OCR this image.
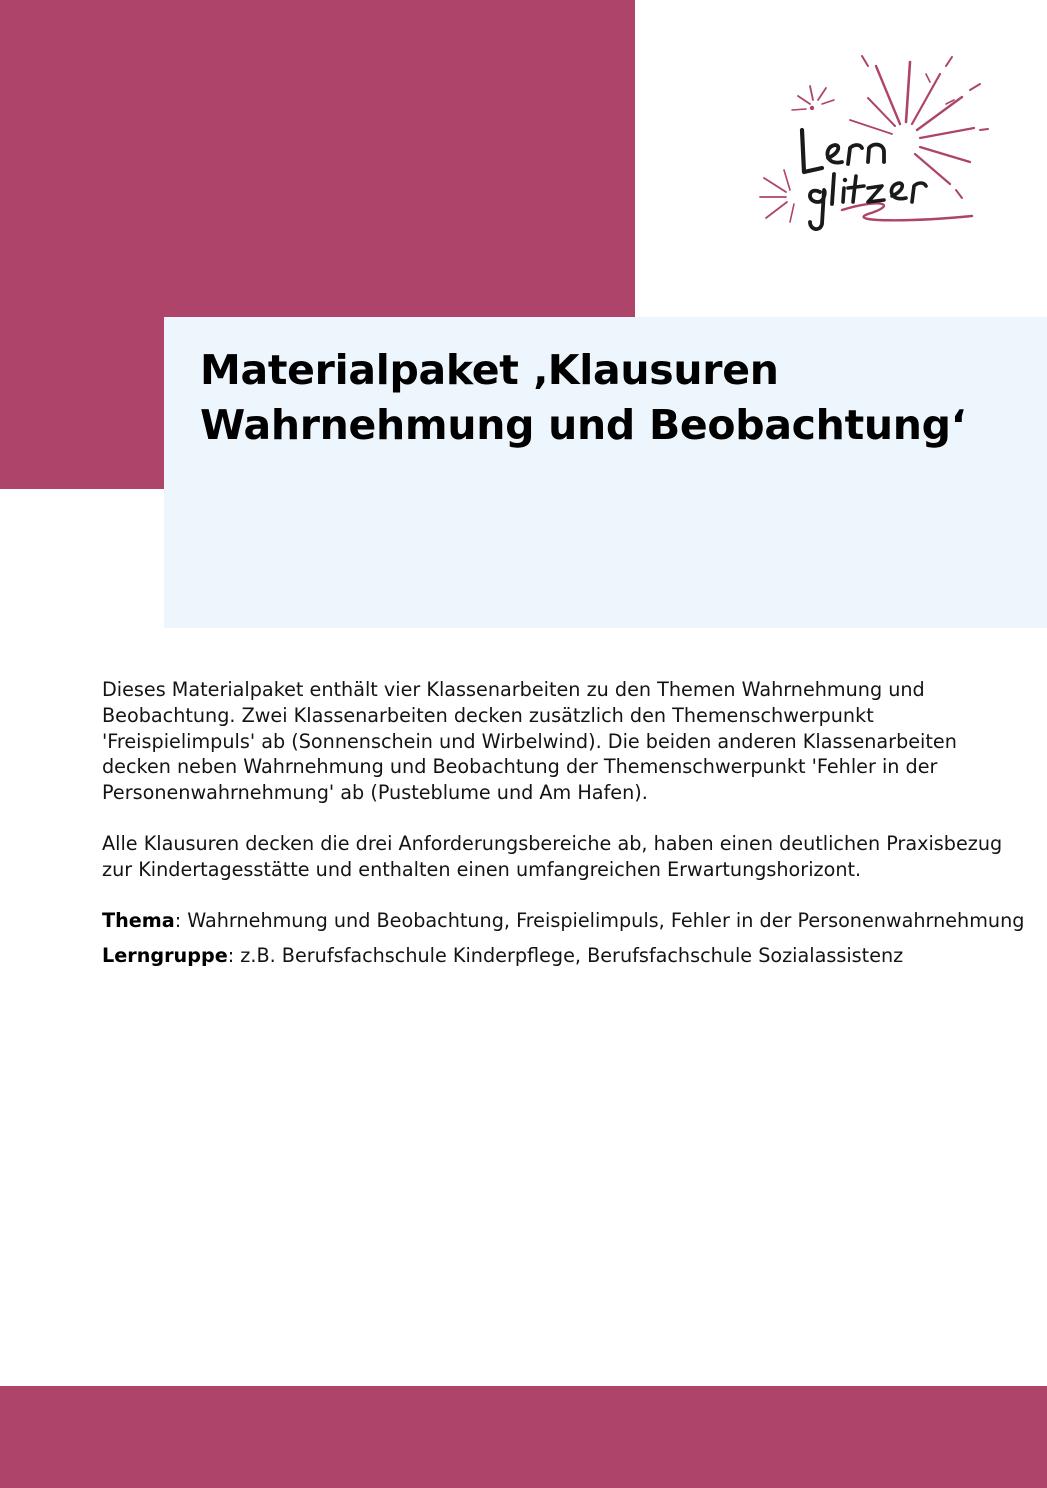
Materialpaket ‚Klausuren Wahrnehmung und Beobachtung‘

Dieses Materialpaket enthält vier Klassenarbeiten zu den Themen Wahrnehmung und Beobachtung. Zwei Klassenarbeiten decken zusätzlich den Themenschwerpunkt 'Freispielimpuls' ab (Sonnenschein und Wirbelwind). Die beiden anderen Klassenarbeiten decken neben Wahrnehmung und Beobachtung der Themenschwerpunkt 'Fehler in der Personenwahrnehmung' ab (Pusteblume und Am Hafen).

Alle Klausuren decken die drei Anforderungsbereiche ab, haben einen deutlichen Praxisbezug zur Kindertagesstätte und enthalten einen umfangreichen Erwartungshorizont.

Thema: Wahrnehmung und Beobachtung, Freispielimpuls, Fehler in der Personenwahrnehmung

Lerngruppe: z.B. Berufsfachschule Kinderpflege, Berufsfachschule Sozialassistenz
